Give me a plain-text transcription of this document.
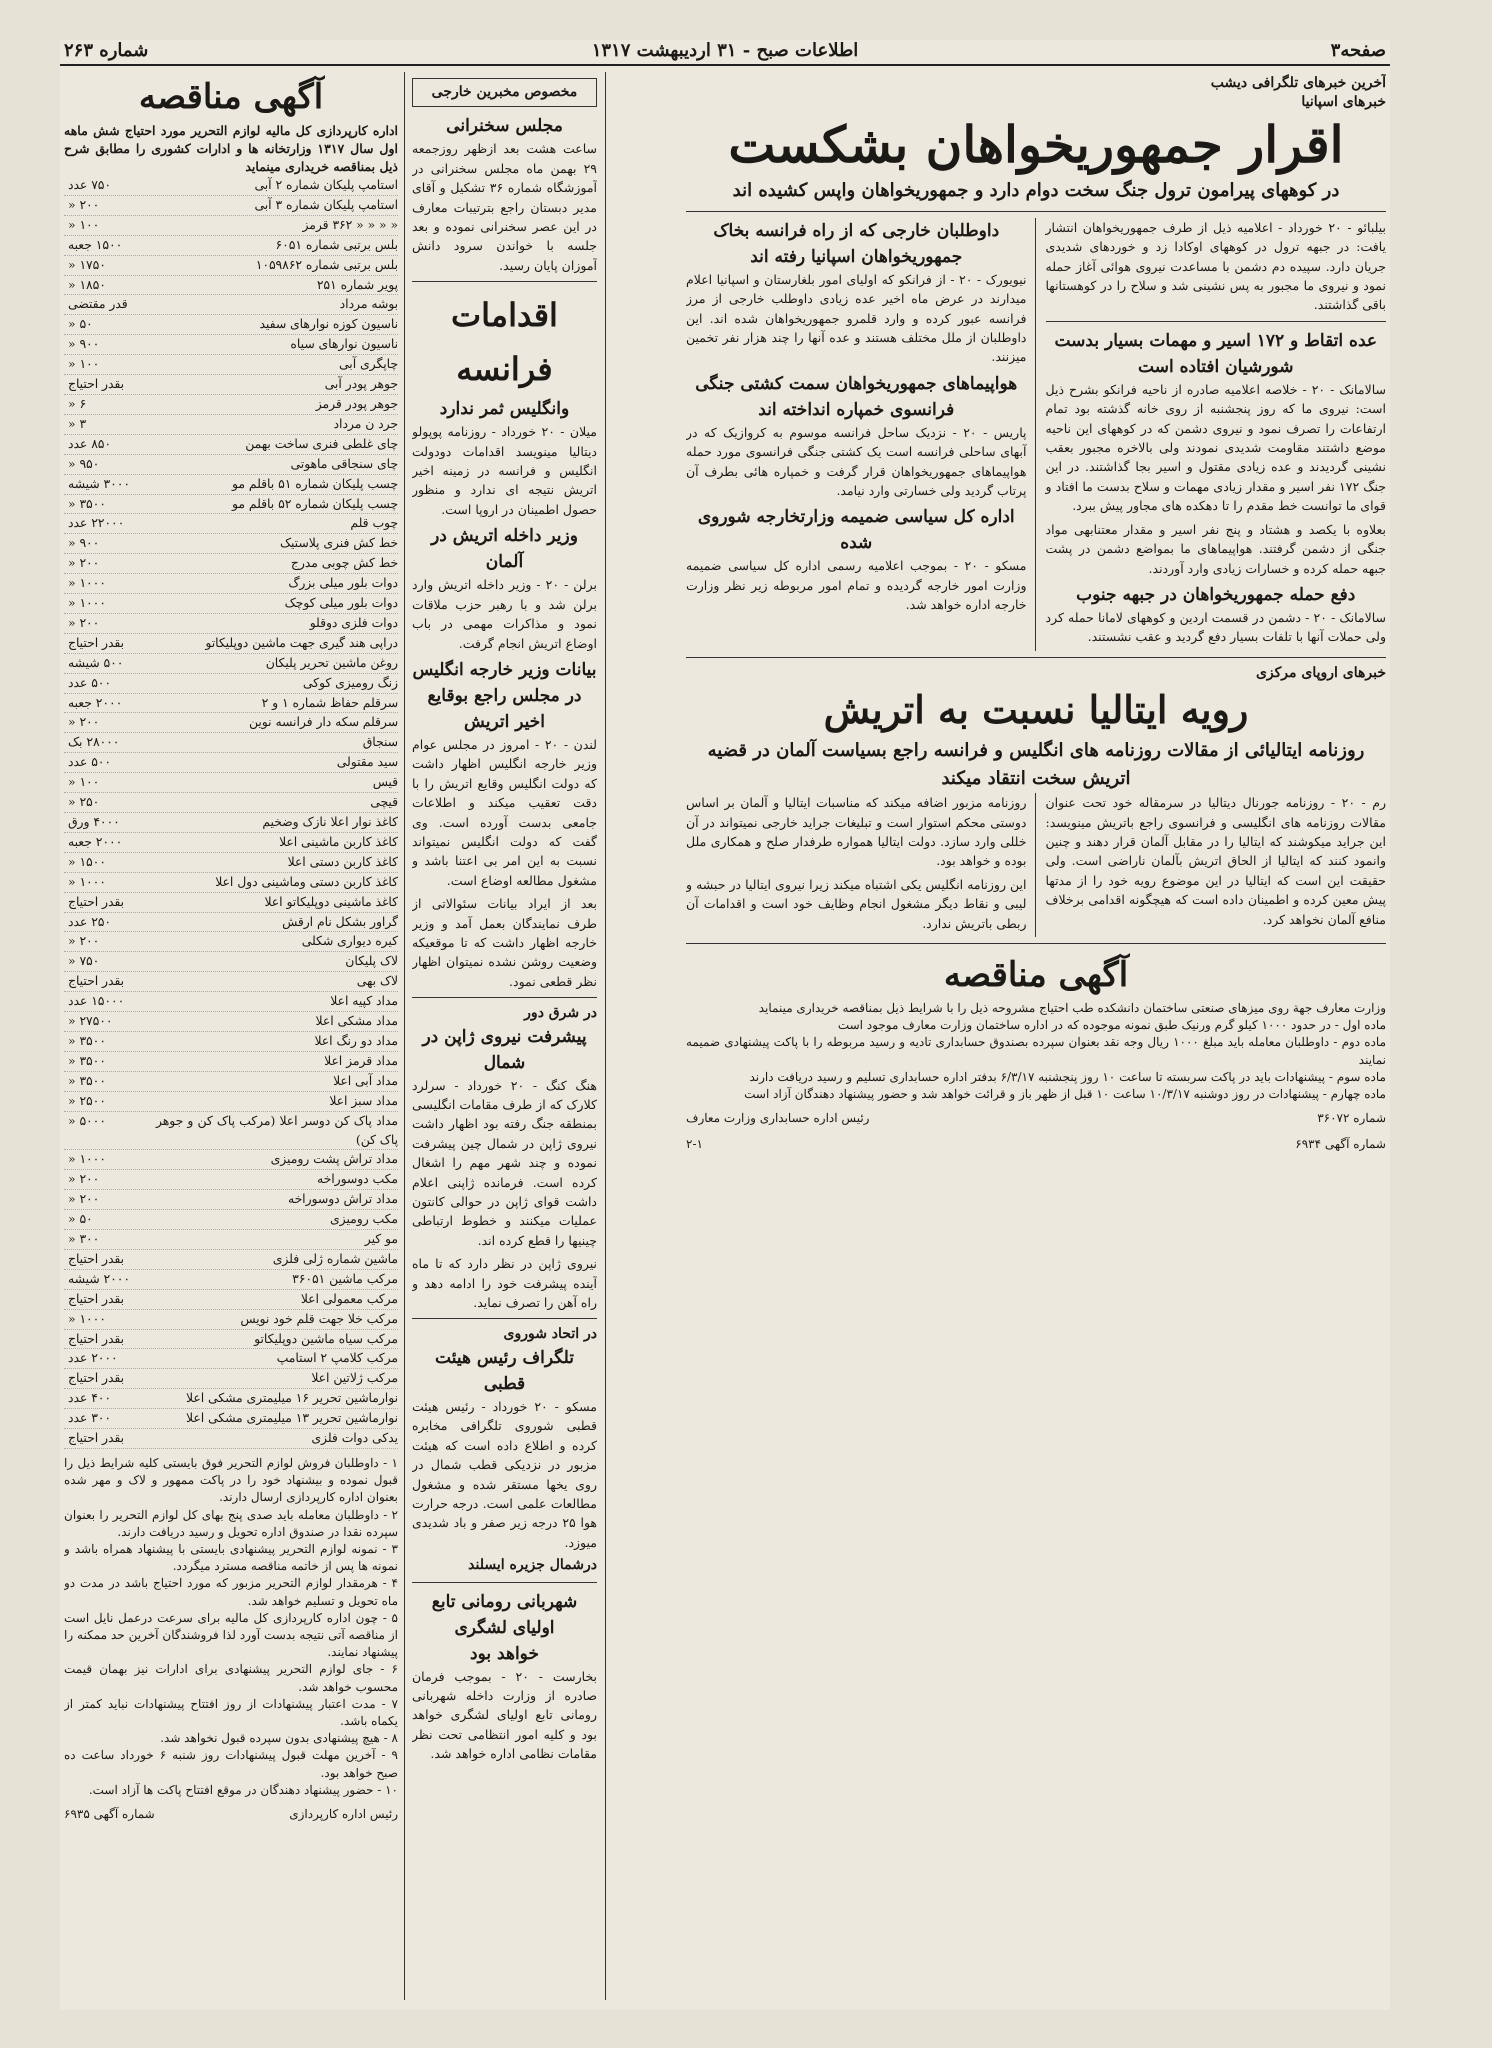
صفحه۳
اطلاعات صبح - ۳۱ اردیبهشت ۱۳۱۷
شماره ۲۶۳
آخرین خبرهای تلگرافی دیشب
خبرهای اسپانیا
اقرار جمهوریخواهان بشکست
در کوههای پیرامون ترول جنگ سخت دوام دارد و جمهوریخواهان واپس کشیده اند

بیلبائو - ۲۰ خورداد - اعلامیه ذیل از طرف جمهوریخواهان انتشار یافت: در جبهه ترول در کوههای اوکادا زد و خوردهای شدیدی جریان دارد. سپیده دم دشمن با مساعدت نیروی هوائی آغاز حمله نمود و نیروی ما مجبور به پس نشینی شد و سلاح را در کوهستانها باقی گذاشتند.

عده اتقاط و ۱۷۲ اسیر و مهمات بسیار بدست شورشیان افتاده است

سالامانک - ۲۰ - خلاصه اعلامیه صادره از ناحیه فرانکو بشرح ذیل است: نیروی ما که روز پنجشنبه از روی خانه گذشته بود تمام ارتفاعات را تصرف نمود و نیروی دشمن که در کوههای این ناحیه موضع داشتند مقاومت شدیدی نمودند ولی بالاخره مجبور بعقب نشینی گردیدند و عده زیادی مقتول و اسیر بجا گذاشتند. در این جنگ ۱۷۲ نفر اسیر و مقدار زیادی مهمات و سلاح بدست ما افتاد و قوای ما توانست خط مقدم را تا دهکده های مجاور پیش ببرد.

بعلاوه با یکصد و هشتاد و پنج نفر اسیر و مقدار معتنابهی مواد جنگی از دشمن گرفتند. هواپیماهای ما بمواضع دشمن در پشت جبهه حمله کرده و خسارات زیادی وارد آوردند.

دفع حمله جمهوریخواهان در جبهه جنوب

سالامانک - ۲۰ - دشمن در قسمت اردین و کوههای لامانا حمله کرد ولی حملات آنها با تلفات بسیار دفع گردید و عقب نشستند.

داوطلبان خارجی که از راه فرانسه بخاک جمهوریخواهان اسپانیا رفته اند

نیویورک - ۲۰ - از فرانکو که اولیای امور بلغارستان و اسپانیا اعلام میدارند در عرض ماه اخیر عده زیادی داوطلب خارجی از مرز فرانسه عبور کرده و وارد قلمرو جمهوریخواهان شده اند. این داوطلبان از ملل مختلف هستند و عده آنها را چند هزار نفر تخمین میزنند.

هواپیماهای جمهوریخواهان سمت کشتی جنگی فرانسوی خمپاره انداخته اند

پاریس - ۲۰ - نزدیک ساحل فرانسه موسوم به کروازیک که در آبهای ساحلی فرانسه است یک کشتی جنگی فرانسوی مورد حمله هواپیماهای جمهوریخواهان قرار گرفت و خمپاره هائی بطرف آن پرتاب گردید ولی خسارتی وارد نیامد.

اداره کل سیاسی ضمیمه وزارتخارجه شوروی شده

مسکو - ۲۰ - بموجب اعلامیه رسمی اداره کل سیاسی ضمیمه وزارت امور خارجه گردیده و تمام امور مربوطه زیر نظر وزارت خارجه اداره خواهد شد.

خبرهای اروپای مرکزی
رویه ایتالیا نسبت به اتریش
روزنامه ایتالیائی از مقالات روزنامه های انگلیس و فرانسه راجع بسیاست آلمان در قضیه اتریش سخت انتقاد میکند

رم - ۲۰ - روزنامه جورنال دیتالیا در سرمقاله خود تحت عنوان مقالات روزنامه های انگلیسی و فرانسوی راجع باتریش مینویسد: این جراید میکوشند که ایتالیا را در مقابل آلمان قرار دهند و چنین وانمود کنند که ایتالیا از الحاق اتریش بآلمان ناراضی است. ولی حقیقت این است که ایتالیا در این موضوع رویه خود را از مدتها پیش معین کرده و اطمینان داده است که هیچگونه اقدامی برخلاف منافع آلمان نخواهد کرد.

روزنامه مزبور اضافه میکند که مناسبات ایتالیا و آلمان بر اساس دوستی محکم استوار است و تبلیغات جراید خارجی نمیتواند در آن خللی وارد سازد. دولت ایتالیا همواره طرفدار صلح و همکاری ملل بوده و خواهد بود.

این روزنامه انگلیس یکی اشتباه میکند زیرا نیروی ایتالیا در حبشه و لیبی و نقاط دیگر مشغول انجام وظایف خود است و اقدامات آن ربطی باتریش ندارد.

آگهی مناقصه
وزارت معارف جهة روی میزهای صنعتی ساختمان دانشکده طب احتیاج مشروحه ذیل را با شرایط ذیل بمناقصه خریداری مینماید
ماده اول - در حدود ۱۰۰۰ کیلو گرم ورنیک طبق نمونه موجوده که در اداره ساختمان وزارت معارف موجود است
ماده دوم - داوطلبان معامله باید مبلغ ۱۰۰۰ ریال وجه نقد بعنوان سپرده بصندوق حسابداری تادیه و رسید مربوطه را با پاکت پیشنهادی ضمیمه نمایند
ماده سوم - پیشنهادات باید در پاکت سربسته تا ساعت ۱۰ روز پنجشنبه ۶/۳/۱۷ بدفتر اداره حسابداری تسلیم و رسید دریافت دارند
ماده چهارم - پیشنهادات در روز دوشنبه ۱۰/۳/۱۷ ساعت ۱۰ قبل از ظهر باز و قرائت خواهد شد و حضور پیشنهاد دهندگان آزاد است
شماره ۳۶۰۷۲
رئیس اداره حسابداری وزارت معارف
شماره آگهی ۶۹۳۴
۲-۱
مخصوص مخبرین خارجی
مجلس سخنرانی

ساعت هشت بعد ازظهر روزجمعه ۲۹ بهمن ماه مجلس سخنرانی در آموزشگاه شماره ۳۶ تشکیل و آقای مدیر دبستان راجع بترتیبات معارف در این عصر سخنرانی نموده و بعد جلسه با خواندن سرود دانش آموزان پایان رسید.

اقدامات فرانسه
وانگلیس ثمر ندارد

میلان - ۲۰ خورداد - روزنامه پوپولو دیتالیا مینویسد اقدامات دودولت انگلیس و فرانسه در زمینه اخیر اتریش نتیجه ای ندارد و منظور حصول اطمینان در اروپا است.

وزیر داخله اتریش در آلمان

برلن - ۲۰ - وزیر داخله اتریش وارد برلن شد و با رهبر حزب ملاقات نمود و مذاکرات مهمی در باب اوضاع اتریش انجام گرفت.

بیانات وزیر خارجه انگلیس در مجلس راجع بوقایع اخیر اتریش

لندن - ۲۰ - امروز در مجلس عوام وزیر خارجه انگلیس اظهار داشت که دولت انگلیس وقایع اتریش را با دقت تعقیب میکند و اطلاعات جامعی بدست آورده است. وی گفت که دولت انگلیس نمیتواند نسبت به این امر بی اعتنا باشد و مشغول مطالعه اوضاع است.

بعد از ایراد بیانات سئوالاتی از طرف نمایندگان بعمل آمد و وزیر خارجه اظهار داشت که تا موقعیکه وضعیت روشن نشده نمیتوان اظهار نظر قطعی نمود.

در شرق دور
پیشرفت نیروی ژاپن در شمال

هنگ کنگ - ۲۰ خورداد - سرلرد کلارک که از طرف مقامات انگلیسی بمنطقه جنگ رفته بود اظهار داشت نیروی ژاپن در شمال چین پیشرفت نموده و چند شهر مهم را اشغال کرده است. فرمانده ژاپنی اعلام داشت قوای ژاپن در حوالی کانتون عملیات میکنند و خطوط ارتباطی چینیها را قطع کرده اند.

نیروی ژاپن در نظر دارد که تا ماه آینده پیشرفت خود را ادامه دهد و راه آهن را تصرف نماید.

در اتحاد شوروی
تلگراف رئیس هیئت قطبی

مسکو - ۲۰ خورداد - رئیس هیئت قطبی شوروی تلگرافی مخابره کرده و اطلاع داده است که هیئت مزبور در نزدیکی قطب شمال در روی یخها مستقر شده و مشغول مطالعات علمی است. درجه حرارت هوا ۲۵ درجه زیر صفر و باد شدیدی میوزد.

درشمال جزیره ایسلند
شهربانی رومانی تابع اولیای لشگری
خواهد بود

بخارست - ۲۰ - بموجب فرمان صادره از وزارت داخله شهربانی رومانی تابع اولیای لشگری خواهد بود و کلیه امور انتظامی تحت نظر مقامات نظامی اداره خواهد شد.

آگهی مناقصه
اداره کارپردازی کل مالیه لوازم التحریر مورد احتیاج شش ماهه اول سال ۱۳۱۷ وزارتخانه ها و ادارات کشوری را مطابق شرح ذیل بمناقصه خریداری مینماید
استامپ پلیکان شماره ۲ آبی
۷۵۰ عدد
استامپ پلیکان شماره ۳ آبی
۲۰۰ «
« « « « ۳۶۲ قرمز
۱۰۰ «
بلس برتبی شماره ۶۰۵۱
۱۵۰۰ جعبه
بلس برتبی شماره ۱۰۵۹۸۶۲
۱۷۵۰ «
پویر شماره ۲۵۱
۱۸۵۰ «
بوشه مرداد
قدر مقتضی
ناسیون کوزه نوارهای سفید
۵۰ «
ناسیون نوارهای سیاه
۹۰۰ «
چاپگری آبی
۱۰۰ «
جوهر پودر آبی
بقدر احتیاج
جوهر پودر قرمز
۶ «
جرد ن مرداد
۳ «
چای غلطی فنری ساخت بهمن
۸۵۰ عدد
چای سنجاقی ماهوتی
۹۵۰ «
چسب پلیکان شماره ۵۱ باقلم مو
۳۰۰۰ شیشه
چسب پلیکان شماره ۵۲ باقلم مو
۳۵۰۰ «
چوب قلم
۲۲۰۰۰ عدد
خط کش فنری پلاستیک
۹۰۰ «
خط کش چوبی مدرج
۲۰۰ «
دوات بلور میلی بزرگ
۱۰۰۰ «
دوات بلور میلی کوچک
۱۰۰۰ «
دوات فلزی دوقلو
۲۰۰ «
دراپی هند گیری جهت ماشین دوپلیکاتو
بقدر احتیاج
روغن ماشین تحریر پلیکان
۵۰۰ شیشه
زنگ رومیزی کوکی
۵۰۰ عدد
سرقلم حفاظ شماره ۱ و ۲
۲۰۰۰ جعبه
سرقلم سکه دار فرانسه نوین
۲۰۰ «
سنجاق
۲۸۰۰۰ بک
سید مقتولی
۵۰۰ عدد
قیس
۱۰۰ «
قیچی
۲۵۰ «
کاغذ نوار اعلا نازک وضخیم
۴۰۰۰ ورق
کاغذ کاربن ماشینی اعلا
۲۰۰۰ جعبه
کاغذ کاربن دستی اعلا
۱۵۰۰ «
کاغذ کاربن دستی وماشینی دول اعلا
۱۰۰۰ «
کاغذ ماشینی دوپلیکاتو اعلا
بقدر احتیاج
گراور بشکل نام ارقش
۲۵۰ عدد
کیره دیواری شکلی
۲۰۰ «
لاک پلیکان
۷۵۰ «
لاک بهی
بقدر احتیاج
مداد کپیه اعلا
۱۵۰۰۰ عدد
مداد مشکی اعلا
۲۷۵۰۰ «
مداد دو رنگ اعلا
۳۵۰۰ «
مداد قرمز اعلا
۳۵۰۰ «
مداد آبی اعلا
۳۵۰۰ «
مداد سبز اعلا
۲۵۰۰ «
مداد پاک کن دوسر اعلا (مرکب پاک کن و جوهر پاک کن)
۵۰۰۰ «
مداد تراش پشت رومیزی
۱۰۰۰ «
مکب دوسوراخه
۲۰۰ «
مداد تراش دوسوراخه
۲۰۰ «
مکب رومیزی
۵۰ «
مو کیر
۳۰۰ «
ماشین شماره ژلی فلزی
بقدر احتیاج
مرکب ماشین ۳۶۰۵۱
۲۰۰۰ شیشه
مرکب معمولی اعلا
بقدر احتیاج
مرکب خلا جهت قلم خود نویس
۱۰۰۰ «
مرکب سیاه ماشین دوپلیکاتو
بقدر احتیاج
مرکب کلامپ ۲ استامپ
۲۰۰۰ عدد
مرکب ژلاتین اعلا
بقدر احتیاج
نوارماشین تحریر ۱۶ میلیمتری مشکی اعلا
۴۰۰ عدد
نوارماشین تحریر ۱۳ میلیمتری مشکی اعلا
۳۰۰ عدد
یدکی دوات فلزی
بقدر احتیاج
۱ - داوطلبان فروش لوازم التحریر فوق بایستی کلیه شرایط ذیل را قبول نموده و بیشنهاد خود را در پاکت ممهور و لاک و مهر شده بعنوان اداره کارپردازی ارسال دارند.
۲ - داوطلبان معامله باید صدی پنج بهای کل لوازم التحریر را بعنوان سپرده نقدا در صندوق اداره تحویل و رسید دریافت دارند.
۳ - نمونه لوازم التحریر پیشنهادی بایستی با پیشنهاد همراه باشد و نمونه ها پس از خاتمه مناقصه مسترد میگردد.
۴ - هرمقدار لوازم التحریر مزبور که مورد احتیاج باشد در مدت دو ماه تحویل و تسلیم خواهد شد.
۵ - چون اداره کارپردازی کل مالیه برای سرعت درعمل نایل است از مناقصه آتی نتیجه بدست آورد لذا فروشندگان آخرین حد ممکنه را پیشنهاد نمایند.
۶ - جای لوازم التحریر پیشنهادی برای ادارات نیز بهمان قیمت محسوب خواهد شد.
۷ - مدت اعتبار پیشنهادات از روز افتتاح پیشنهادات نباید کمتر از یکماه باشد.
۸ - هیچ پیشنهادی بدون سپرده قبول نخواهد شد.
۹ - آخرین مهلت قبول پیشنهادات روز شنبه ۶ خورداد ساعت ده صبح خواهد بود.
۱۰ - حضور پیشنهاد دهندگان در موقع افتتاح پاکت ها آزاد است.
رئیس اداره کارپردازی
شماره آگهی ۶۹۳۵
